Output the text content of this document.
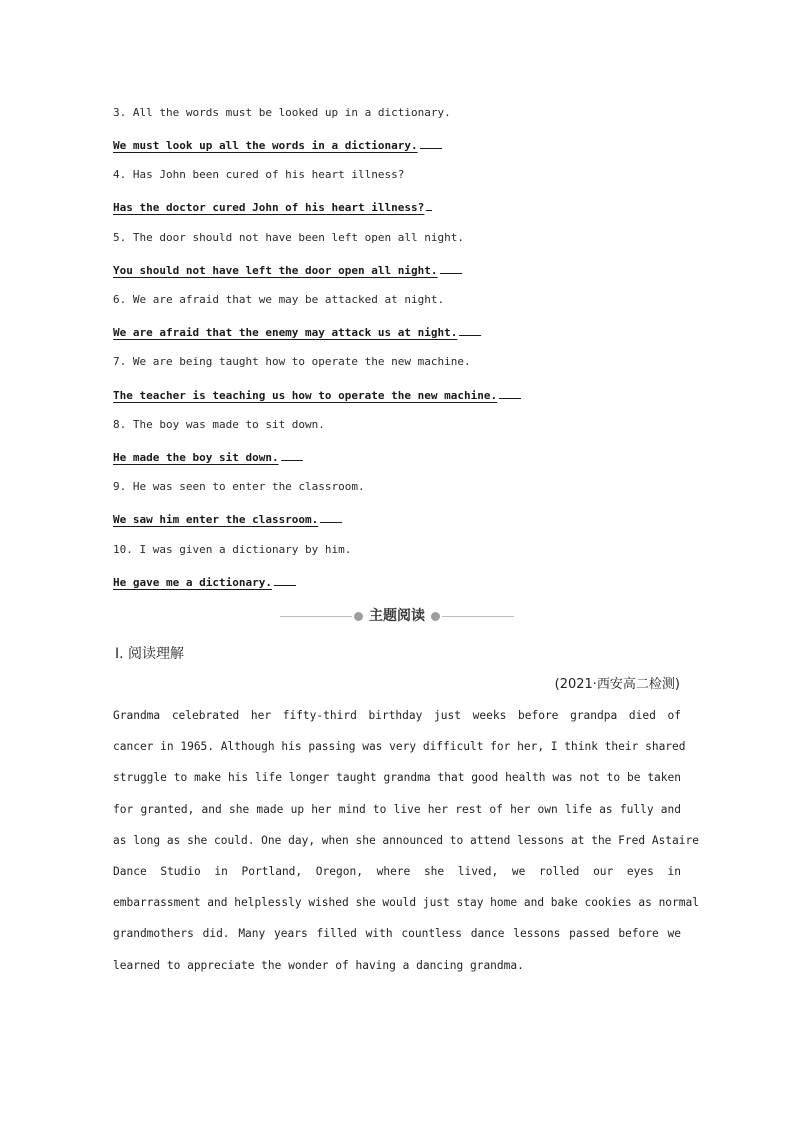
3. All the words must be looked up in a dictionary.
We must look up all the words in a dictionary.
4. Has John been cured of his heart illness?
Has the doctor cured John of his heart illness?
5. The door should not have been left open all night.
You should not have left the door open all night.
6. We are afraid that we may be attacked at night.
We are afraid that the enemy may attack us at night.
7. We are being taught how to operate the new machine.
The teacher is teaching us how to operate the new machine.
8. The boy was made to sit down.
He made the boy sit down.
9. He was seen to enter the classroom.
We saw him enter the classroom.
10. I was given a dictionary by him.
He gave me a dictionary.
主题阅读
Ⅰ. 阅读理解
(2021·西安高二检测)
Grandma celebrated her fifty-third birthday just weeks before grandpa died of
cancer in 1965. Although his passing was very difficult for her, I think their shared
struggle to make his life longer taught grandma that good health was not to be taken
for granted, and she made up her mind to live her rest of her own life as fully and
as long as she could. One day, when she announced to attend lessons at the Fred Astaire
Dance Studio in Portland, Oregon, where she lived, we rolled our eyes in
embarrassment and helplessly wished she would just stay home and bake cookies as normal
grandmothers did. Many years filled with countless dance lessons passed before we
learned to appreciate the wonder of having a dancing grandma.
